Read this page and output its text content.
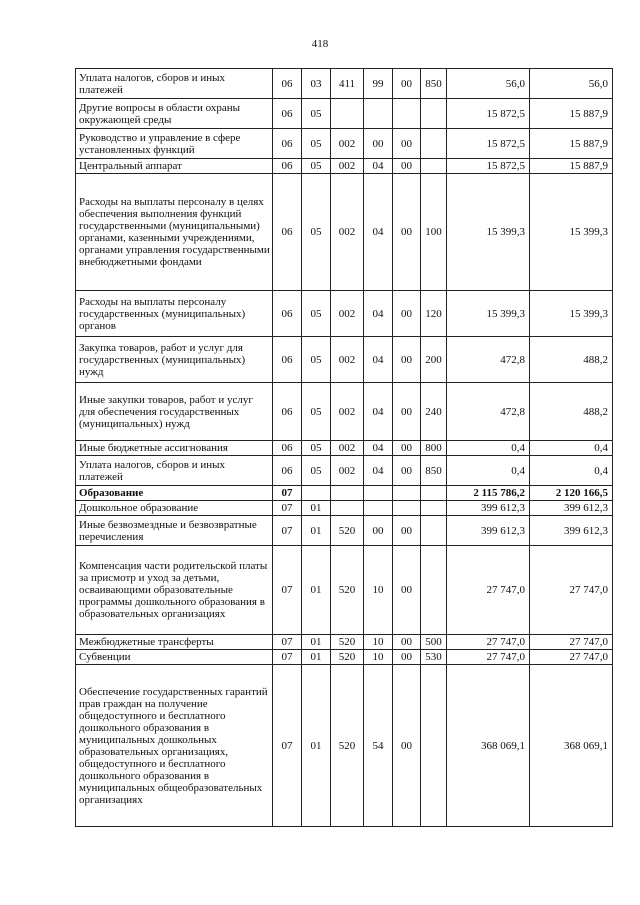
418
Уплата налогов, сборов и иных платежей	06	03	411	99	00	850	56,0	56,0
Другие вопросы в области охраны окружающей среды	06	05					15 872,5	15 887,9
Руководство и управление в сфере установленных функций	06	05	002	00	00		15 872,5	15 887,9
Центральный аппарат	06	05	002	04	00		15 872,5	15 887,9
Расходы на выплаты персоналу в целях обеспечения выполнения функций государственными (муниципальными) органами, казенными учреждениями, органами управления государственными внебюджетными фондами	06	05	002	04	00	100	15 399,3	15 399,3
Расходы на выплаты персоналу государственных (муниципальных) органов	06	05	002	04	00	120	15 399,3	15 399,3
Закупка товаров, работ и услуг для государственных (муниципальных) нужд	06	05	002	04	00	200	472,8	488,2
Иные закупки товаров, работ и услуг для обеспечения государственных (муниципальных) нужд	06	05	002	04	00	240	472,8	488,2
Иные бюджетные ассигнования	06	05	002	04	00	800	0,4	0,4
Уплата налогов, сборов и иных платежей	06	05	002	04	00	850	0,4	0,4
Образование	07						2 115 786,2	2 120 166,5
Дошкольное образование	07	01					399 612,3	399 612,3
Иные безвозмездные и безвозвратные перечисления	07	01	520	00	00		399 612,3	399 612,3
Компенсация части родительской платы за присмотр и уход за детьми, осваивающими образовательные программы дошкольного образования в образовательных организациях	07	01	520	10	00		27 747,0	27 747,0
Межбюджетные трансферты	07	01	520	10	00	500	27 747,0	27 747,0
Субвенции	07	01	520	10	00	530	27 747,0	27 747,0
Обеспечение государственных гарантий прав граждан на получение общедоступного и бесплатного дошкольного образования в муниципальных дошкольных образовательных организациях, общедоступного и бесплатного дошкольного образования в муниципальных общеобразовательных организациях	07	01	520	54	00		368 069,1	368 069,1
